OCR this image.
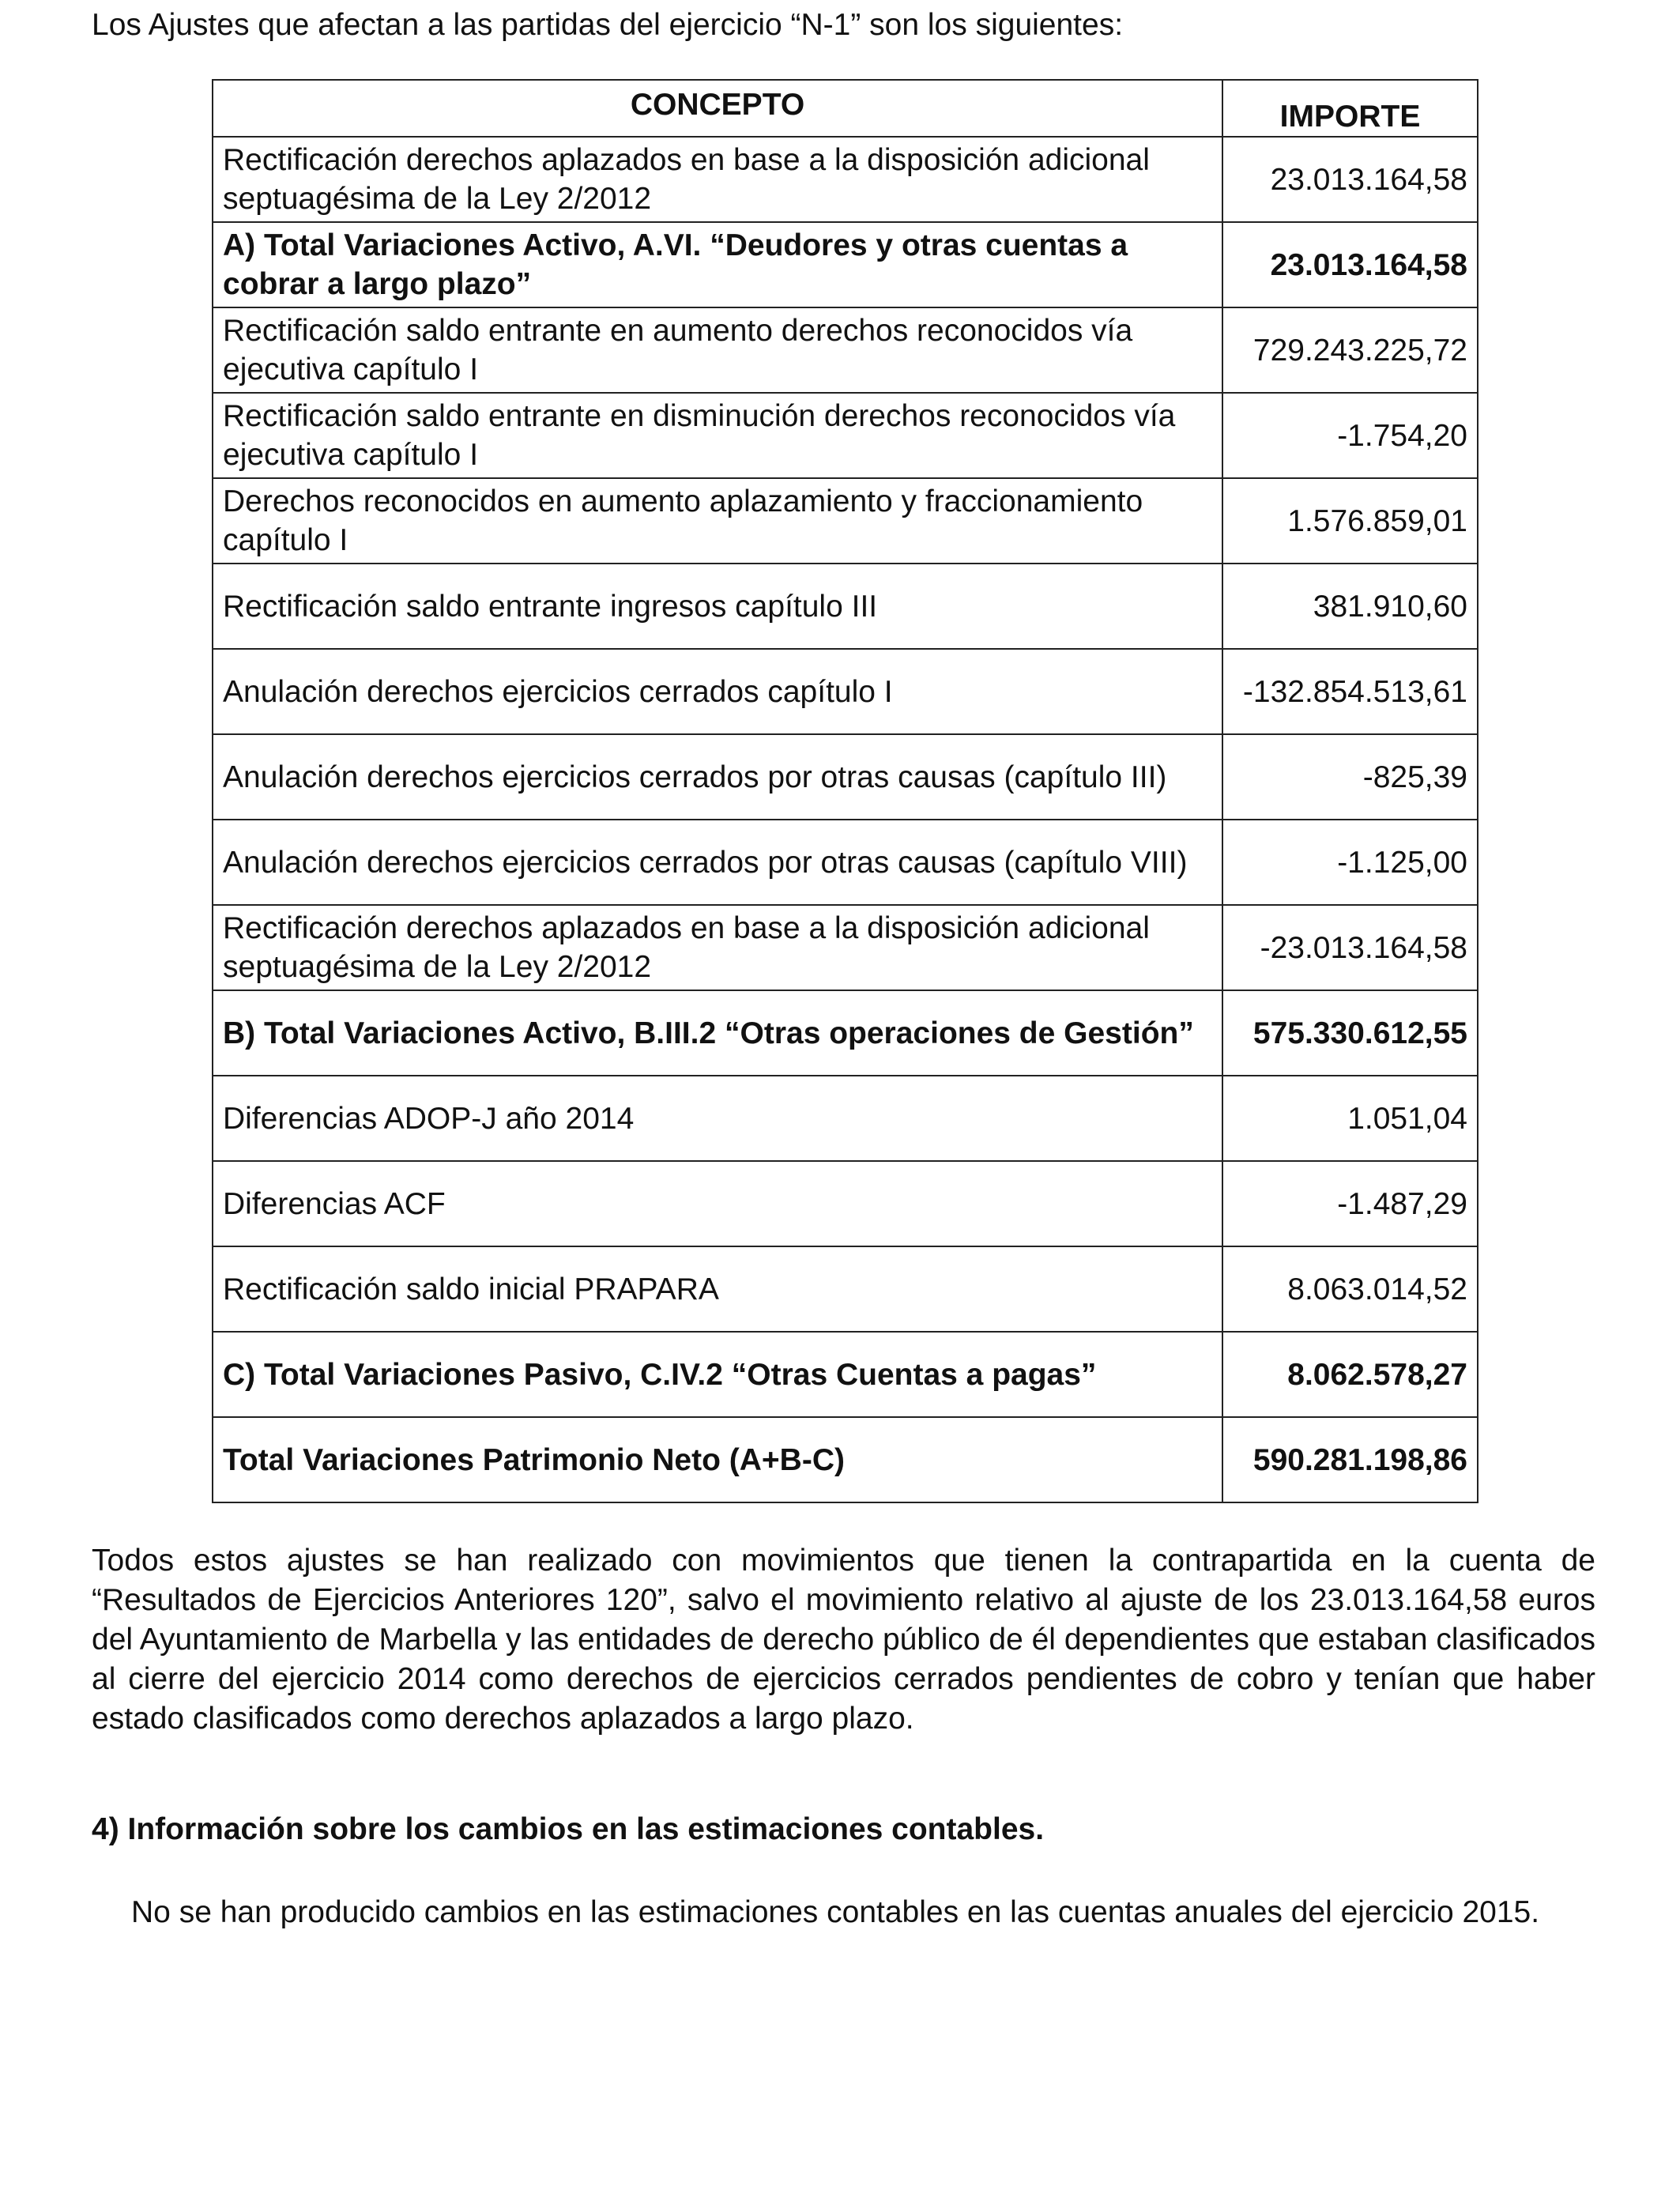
Los Ajustes que afectan a las partidas del ejercicio “N-1” son los siguientes:

CONCEPTO	IMPORTE
Rectificación derechos aplazados en base a la disposición adicional septuagésima de la Ley 2/2012	23.013.164,58
A) Total Variaciones Activo, A.VI. “Deudores y otras cuentas a cobrar a largo plazo”	23.013.164,58
Rectificación saldo entrante en aumento derechos reconocidos vía ejecutiva capítulo I	729.243.225,72
Rectificación saldo entrante en disminución derechos reconocidos vía ejecutiva capítulo I	-1.754,20
Derechos reconocidos en aumento aplazamiento y fraccionamiento capítulo I	1.576.859,01
Rectificación saldo entrante ingresos capítulo III	381.910,60
Anulación derechos ejercicios cerrados capítulo I	-132.854.513,61
Anulación derechos ejercicios cerrados por otras causas (capítulo III)	-825,39
Anulación derechos ejercicios cerrados por otras causas (capítulo VIII)	-1.125,00
Rectificación derechos aplazados en base a la disposición adicional septuagésima de la Ley 2/2012	-23.013.164,58
B) Total Variaciones Activo, B.III.2 “Otras operaciones de Gestión”	575.330.612,55
Diferencias ADOP-J año 2014	1.051,04
Diferencias ACF	-1.487,29
Rectificación saldo inicial PRAPARA	8.063.014,52
C) Total Variaciones Pasivo, C.IV.2 “Otras Cuentas a pagas”	8.062.578,27
Total Variaciones Patrimonio Neto (A+B-C)	590.281.198,86

Todos estos ajustes se han realizado con movimientos que tienen la contrapartida en la cuenta de “Resultados de Ejercicios Anteriores 120”, salvo el movimiento relativo al ajuste de los 23.013.164,58 euros del Ayuntamiento de Marbella y las entidades de derecho público de él dependientes que estaban clasificados al cierre del ejercicio 2014 como derechos de ejercicios cerrados pendientes de cobro y tenían que haber estado clasificados como derechos aplazados a largo plazo.

4) Información sobre los cambios en las estimaciones contables.

No se han producido cambios en las estimaciones contables en las cuentas anuales del ejercicio 2015.
